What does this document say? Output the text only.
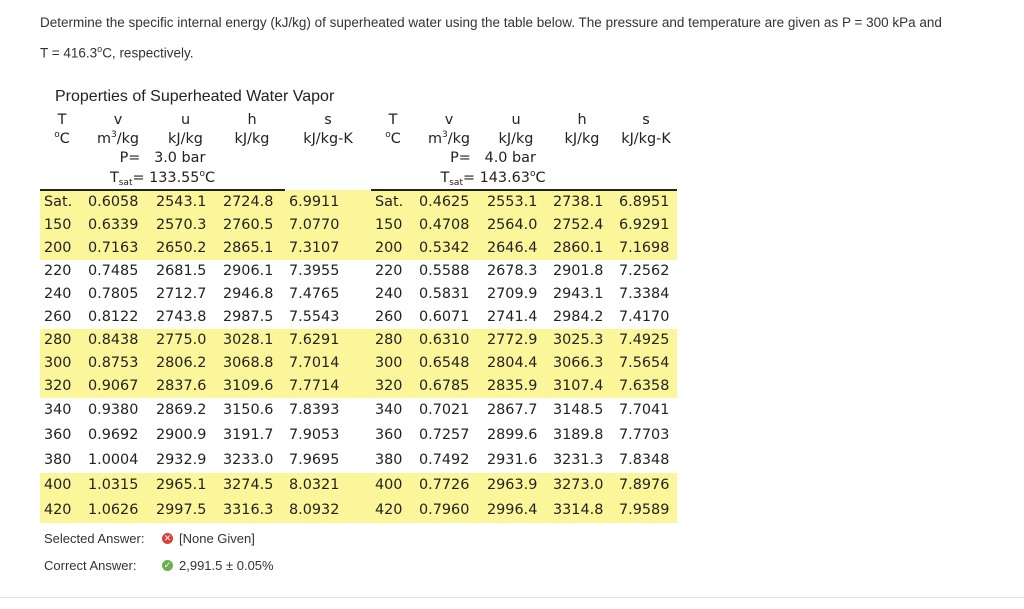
Determine the specific internal energy (kJ/kg) of superheated water using the table below. The pressure and temperature are given as P = 300 kPa and
$T = 416.3^oC$, respectively.
Properties of Superheated Water Vapor
T	v	u	h	s
$^o$C	$m^3/kg$	kJ/kg	kJ/kg	kJ/kg-K
P= 3.0 bar				
$T_{sat}= 133.55^oC$				
Sat.	0.6058	2543.1	2724.8	6.9911
150	0.6339	2570.3	2760.5	7.0770
200	0.7163	2650.2	2865.1	7.3107
220	0.7485	2681.5	2906.1	7.3955
240	0.7805	2712.7	2946.8	7.4765
260	0.8122	2743.8	2987.5	7.5543
280	0.8438	2775.0	3028.1	7.6291
300	0.8753	2806.2	3068.8	7.7014
320	0.9067	2837.6	3109.6	7.7714
340	0.9380	2869.2	3150.6	7.8393
360	0.9692	2900.9	3191.7	7.9053
380	1.0004	2932.9	3233.0	7.9695
400	1.0315	2965.1	3274.5	8.0321
420	1.0626	2997.5	3316.3	8.0932
T	v	u	h	s
$^o$C	$m^3/kg$	kJ/kg	kJ/kg	kJ/kg-K
P= 4.0 bar				
$T_{sat}= 143.63^oC$				
Sat.	0.4625	2553.1	2738.1	6.8951
150	0.4708	2564.0	2752.4	6.9291
200	0.5342	2646.4	2860.1	7.1698
220	0.5588	2678.3	2901.8	7.2562
240	0.5831	2709.9	2943.1	7.3384
260	0.6071	2741.4	2984.2	7.4170
280	0.6310	2772.9	3025.3	7.4925
300	0.6548	2804.4	3066.3	7.5654
320	0.6785	2835.9	3107.4	7.6358
340	0.7021	2867.7	3148.5	7.7041
360	0.7257	2899.6	3189.8	7.7703
380	0.7492	2931.6	3231.3	7.8348
400	0.7726	2963.9	3273.0	7.8976
420	0.7960	2996.4	3314.8	7.9589
Selected Answer:	✕ [None Given]
Correct Answer:	✓ 2,991.5 ± 0.05%
